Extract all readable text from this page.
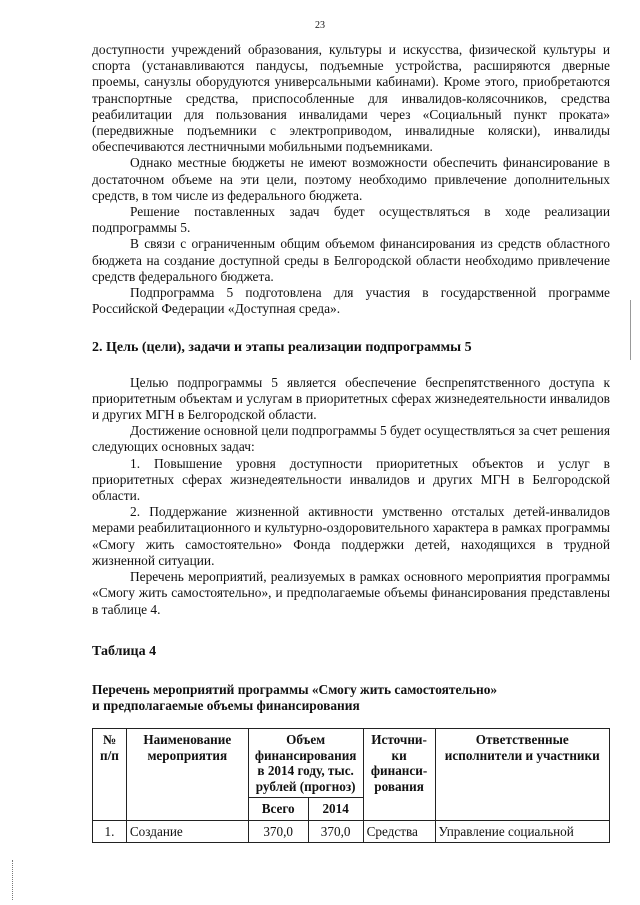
23

доступности учреждений образования, культуры и искусства, физической культуры и спорта (устанавливаются пандусы, подъемные устройства, расширяются дверные проемы, санузлы оборудуются универсальными кабинами). Кроме этого, приобретаются транспортные средства, приспособленные для инвалидов-колясочников, средства реабилитации для пользования инвалидами через «Социальный пункт проката» (передвижные подъемники с электроприводом, инвалидные коляски), инвалиды обеспечиваются лестничными мобильными подъемниками.

Однако местные бюджеты не имеют возможности обеспечить финансирование в достаточном объеме на эти цели, поэтому необходимо привлечение дополнительных средств, в том числе из федерального бюджета.

Решение поставленных задач будет осуществляться в ходе реализации подпрограммы 5.

В связи с ограниченным общим объемом финансирования из средств областного бюджета на создание доступной среды в Белгородской области необходимо привлечение средств федерального бюджета.

Подпрограмма 5 подготовлена для участия в государственной программе Российской Федерации «Доступная среда».

2. Цель (цели), задачи и этапы реализации подпрограммы 5

Целью подпрограммы 5 является обеспечение беспрепятственного доступа к приоритетным объектам и услугам в приоритетных сферах жизнедеятельности инвалидов и других МГН в Белгородской области.

Достижение основной цели подпрограммы 5 будет осуществляться за счет решения следующих основных задач:

1. Повышение уровня доступности приоритетных объектов и услуг в приоритетных сферах жизнедеятельности инвалидов и других МГН в Белгородской области.

2. Поддержание жизненной активности умственно отсталых детей-инвалидов мерами реабилитационного и культурно-оздоровительного характера в рамках программы «Смогу жить самостоятельно» Фонда поддержки детей, находящихся в трудной жизненной ситуации.

Перечень мероприятий, реализуемых в рамках основного мероприятия программы «Смогу жить самостоятельно», и предполагаемые объемы финансирования представлены в таблице 4.

Таблица 4

Перечень мероприятий программы «Смогу жить самостоятельно»
и предполагаемые объемы финансирования

№ п/п	Наименование мероприятия	Объем финансирования в 2014 году, тыс. рублей (прогноз)		Источни-ки финанси-рования	Ответственные исполнители и участники
		Всего	2014		
1.	Создание	370,0	370,0	Средства	Управление социальной
